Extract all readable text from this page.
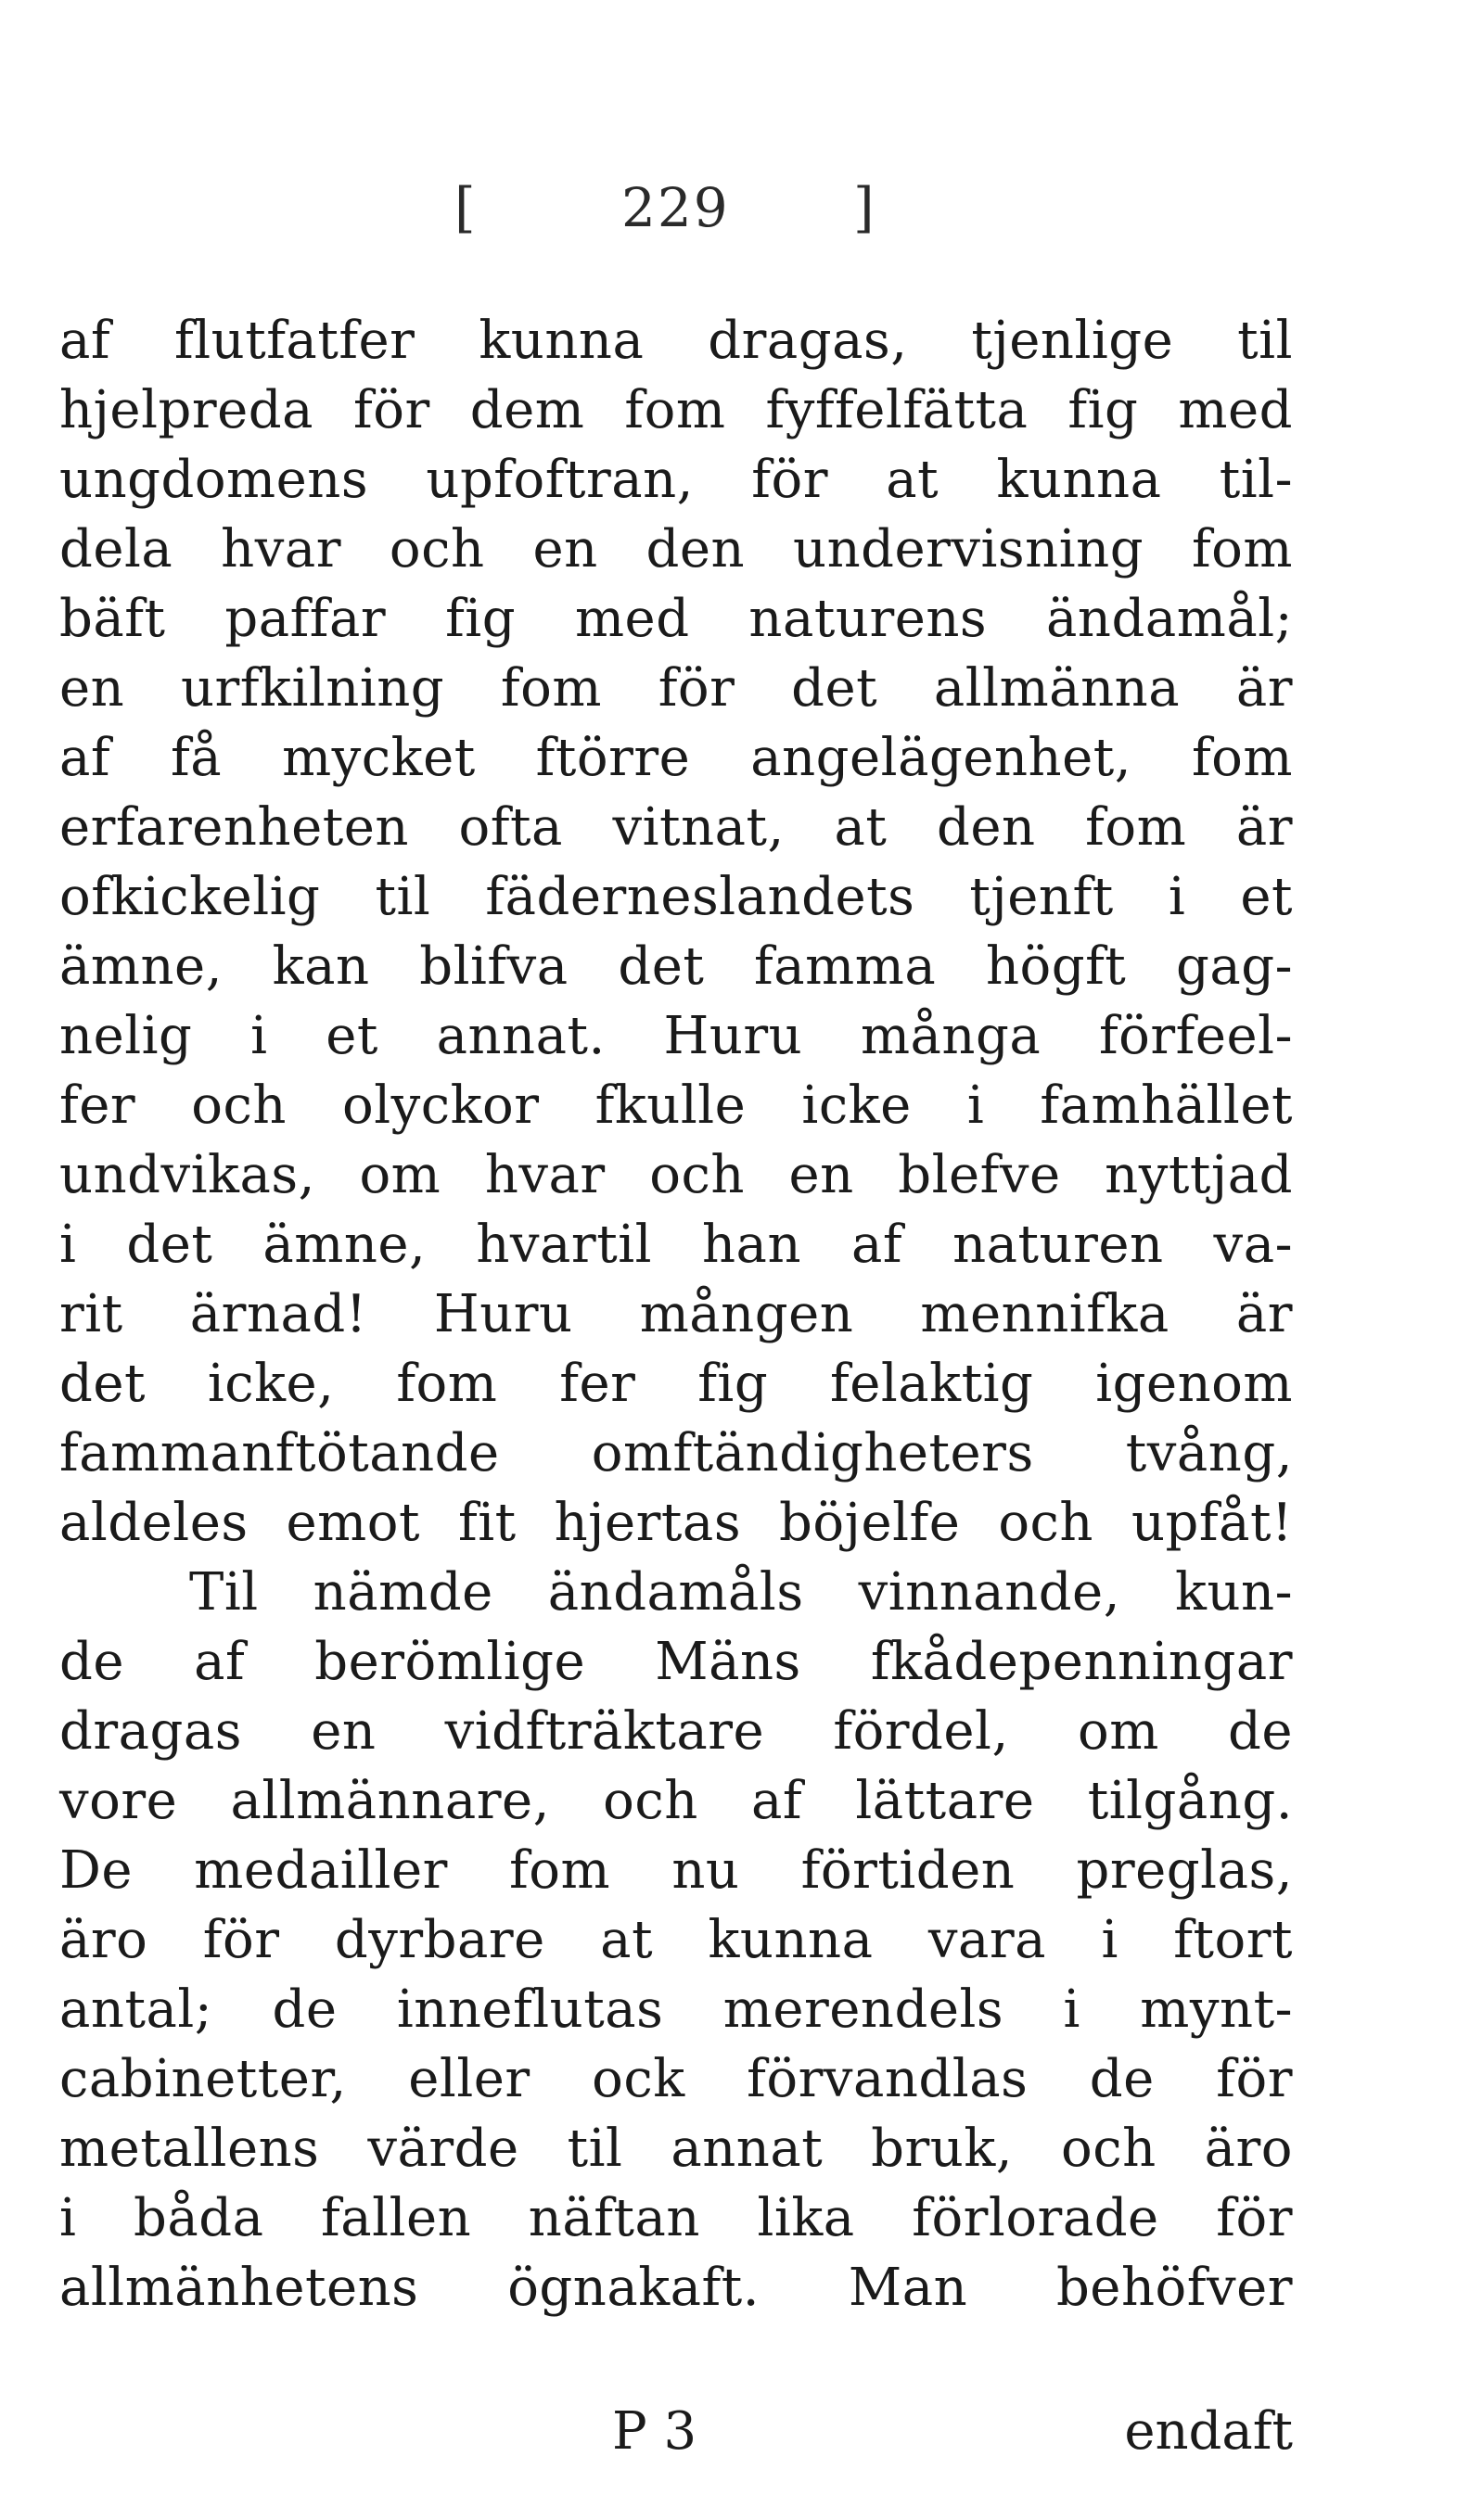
[	229 ]
af flutfatfer kunna dragas, tjenlige til
hjelpreda för dem fom fyffelfätta fig med
ungdomens upfoftran, för at kunna til-
dela hvar och en den undervisning fom
bäft paffar fig med naturens ändamål;
en urfkilning fom för det allmänna är
af få mycket ftörre angelägenhet, fom
erfarenheten ofta vitnat, at den fom är
ofkickelig til fäderneslandets tjenft i et
ämne, kan blifva det famma högft gag-
nelig i et annat. Huru många förfeel-
fer och olyckor fkulle icke i famhället
undvikas, om hvar och en blefve nyttjad
i det ämne, hvartil han af naturen va-
rit ärnad! Huru mången mennifka är
det icke, fom fer fig felaktig igenom
fammanftötande omftändigheters tvång,
aldeles emot fit hjertas böjelfe och upfåt!
Til nämde ändamåls vinnande, kun-
de af berömlige Mäns fkådepenningar
dragas en vidfträktare fördel, om de
vore allmännare, och af lättare tilgång.
De medailler fom nu förtiden preglas,
äro för dyrbare at kunna vara i ftort
antal; de inneflutas merendels i mynt-
cabinetter, eller ock förvandlas de för
metallens värde til annat bruk, och äro
i båda fallen näftan lika förlorade för
allmänhetens ögnakaft. Man behöfver
P 3	endaft
